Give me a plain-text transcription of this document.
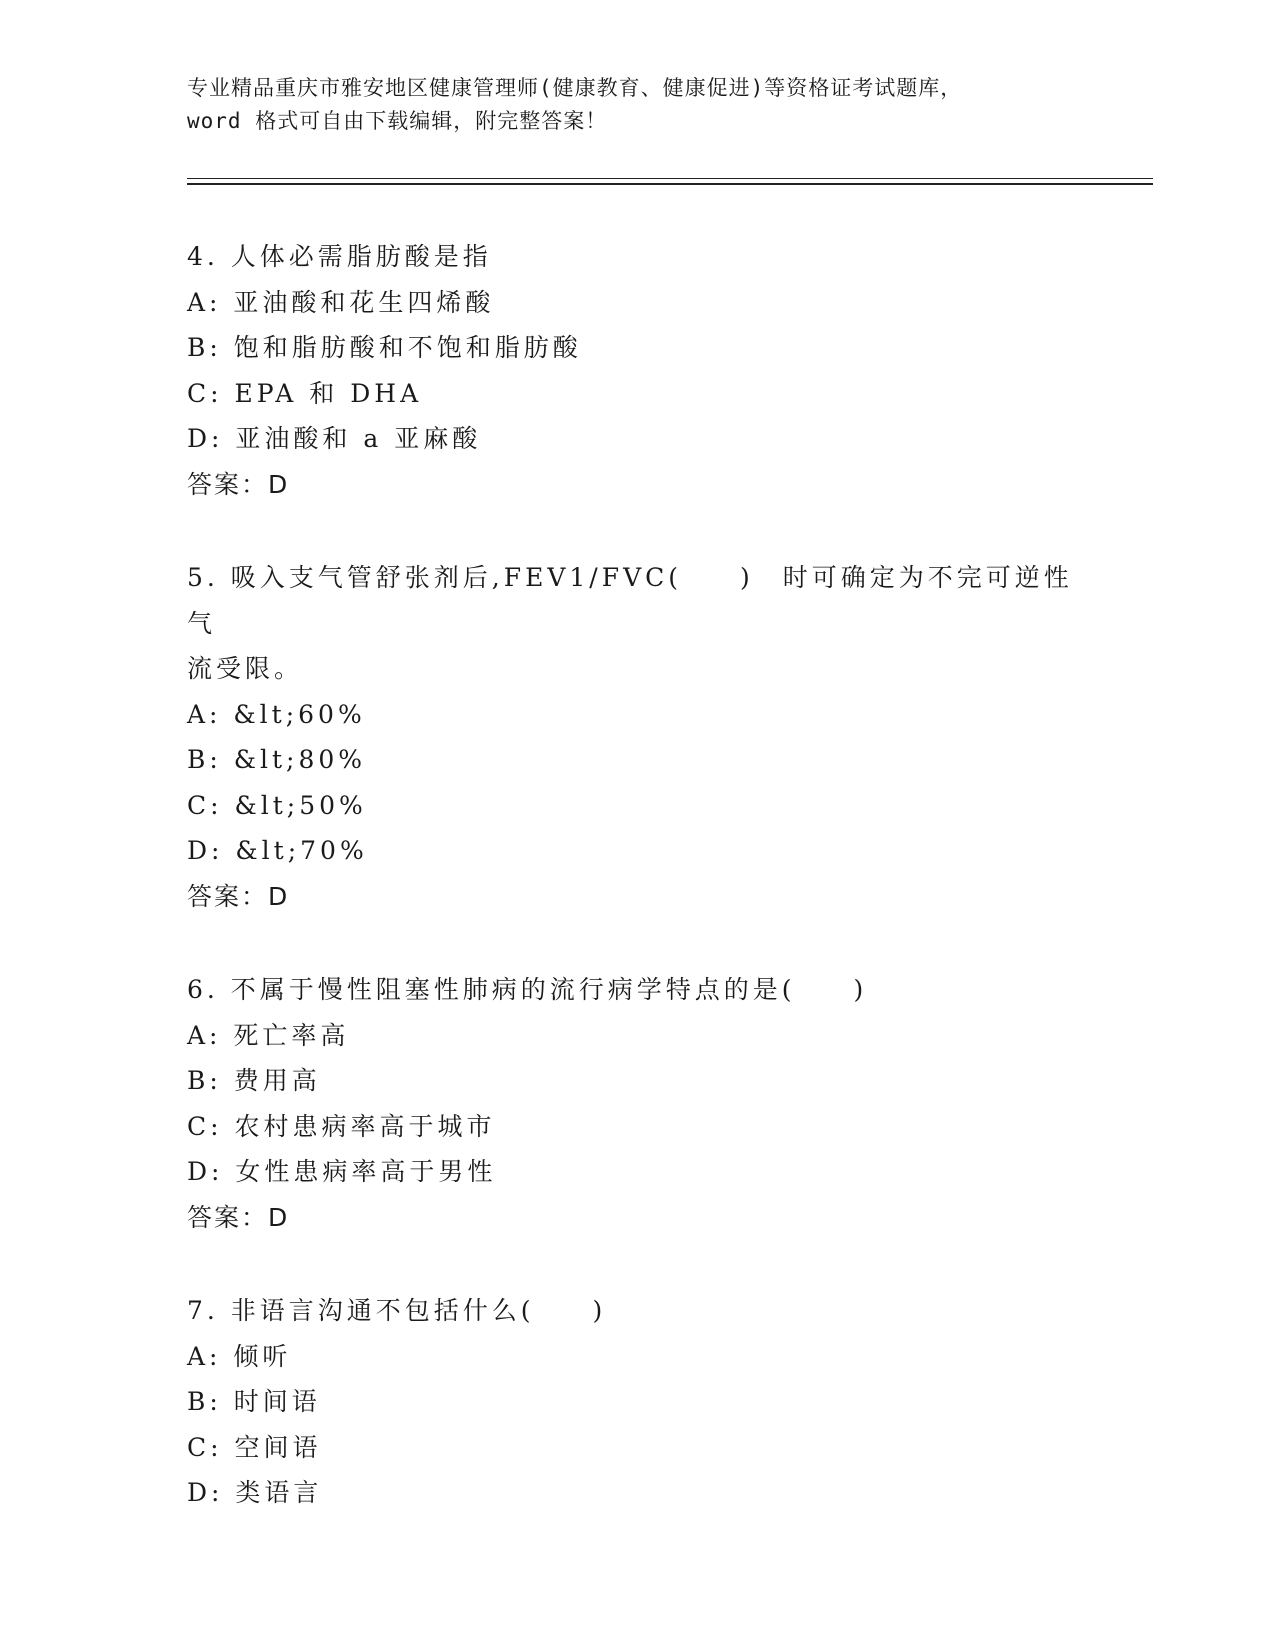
专业精品重庆市雅安地区健康管理师(健康教育、健康促进)等资格证考试题库，
word 格式可自由下载编辑，附完整答案！
4. 人体必需脂肪酸是指
A: 亚油酸和花生四烯酸
B: 饱和脂肪酸和不饱和脂肪酸
C: EPA 和 DHA
D: 亚油酸和 a 亚麻酸
答案：D
5. 吸入支气管舒张剂后,FEV1/FVC(　　)　时可确定为不完可逆性气
流受限。
A: &lt;60%
B: &lt;80%
C: &lt;50%
D: &lt;70%
答案：D
6. 不属于慢性阻塞性肺病的流行病学特点的是(　　)
A: 死亡率高
B: 费用高
C: 农村患病率高于城市
D: 女性患病率高于男性
答案：D
7. 非语言沟通不包括什么(　　)
A: 倾听
B: 时间语
C: 空间语
D: 类语言
